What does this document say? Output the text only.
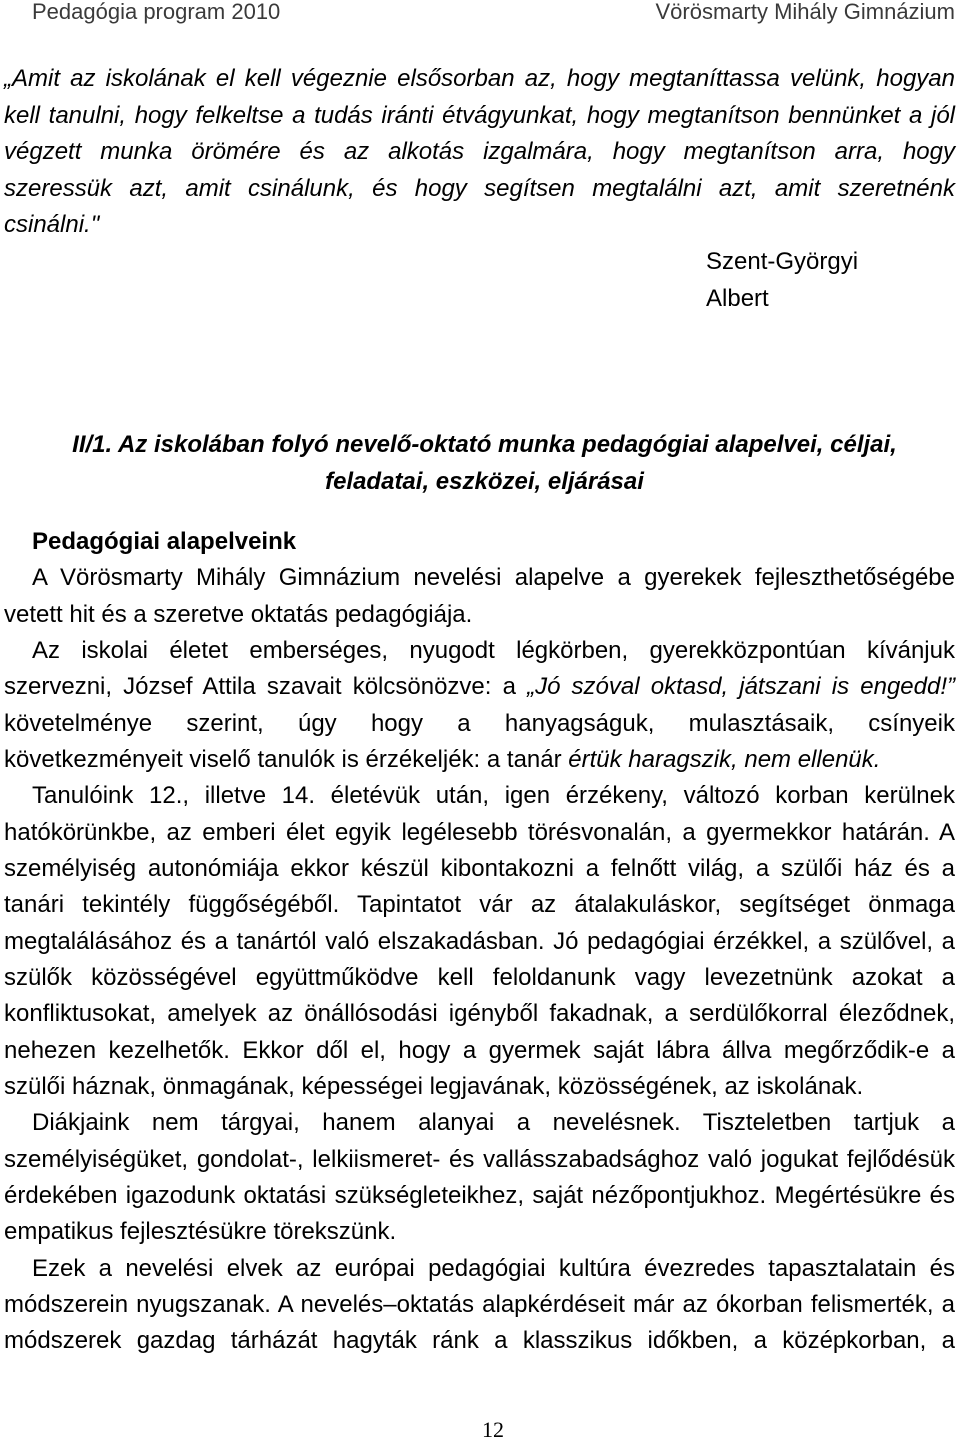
Pedagógia program 2010	Vörösmarty Mihály Gimnázium
„Amit az iskolának el kell végeznie elsősorban az, hogy megtaníttassa velünk, hogyan
kell tanulni, hogy felkeltse a tudás iránti étvágyunkat, hogy megtanítson bennünket a jól
végzett munka örömére és az alkotás izgalmára, hogy megtanítson arra, hogy
szeressük azt, amit csinálunk, és hogy segítsen megtalálni azt, amit szeretnénk
csinálni."
Szent-Györgyi
Albert
II/1. Az iskolában folyó nevelő-oktató munka pedagógiai alapelvei, céljai,
feladatai, eszközei, eljárásai
Pedagógiai alapelveink
A Vörösmarty Mihály Gimnázium nevelési alapelve a gyerekek fejleszthetőségébe
vetett hit és a szeretve oktatás pedagógiája.
Az iskolai életet emberséges, nyugodt légkörben, gyerekközpontúan kívánjuk
szervezni, József Attila szavait kölcsönözve: a „Jó szóval oktasd, játszani is engedd!”
követelménye szerint, úgy hogy a hanyagságuk, mulasztásaik, csínyeik
következményeit viselő tanulók is érzékeljék: a tanár értük haragszik, nem ellenük.
Tanulóink 12., illetve 14. életévük után, igen érzékeny, változó korban kerülnek
hatókörünkbe, az emberi élet egyik legélesebb törésvonalán, a gyermekkor határán. A
személyiség autonómiája ekkor készül kibontakozni a felnőtt világ, a szülői ház és a
tanári tekintély függőségéből. Tapintatot vár az átalakuláskor, segítséget önmaga
megtalálásához és a tanártól való elszakadásban. Jó pedagógiai érzékkel, a szülővel, a
szülők közösségével együttműködve kell feloldanunk vagy levezetnünk azokat a
konfliktusokat, amelyek az önállósodási igényből fakadnak, a serdülőkorral éleződnek,
nehezen kezelhetők. Ekkor dől el, hogy a gyermek saját lábra állva megőrződik-e a
szülői háznak, önmagának, képességei legjavának, közösségének, az iskolának.
Diákjaink nem tárgyai, hanem alanyai a nevelésnek. Tiszteletben tartjuk a
személyiségüket, gondolat-, lelkiismeret- és vallásszabadsághoz való jogukat fejlődésük
érdekében igazodunk oktatási szükségleteikhez, saját nézőpontjukhoz. Megértésükre és
empatikus fejlesztésükre törekszünk.
Ezek a nevelési elvek az európai pedagógiai kultúra évezredes tapasztalatain és
módszerein nyugszanak. A nevelés–oktatás alapkérdéseit már az ókorban felismerték, a
módszerek gazdag tárházát hagyták ránk a klasszikus időkben, a középkorban, a
12
